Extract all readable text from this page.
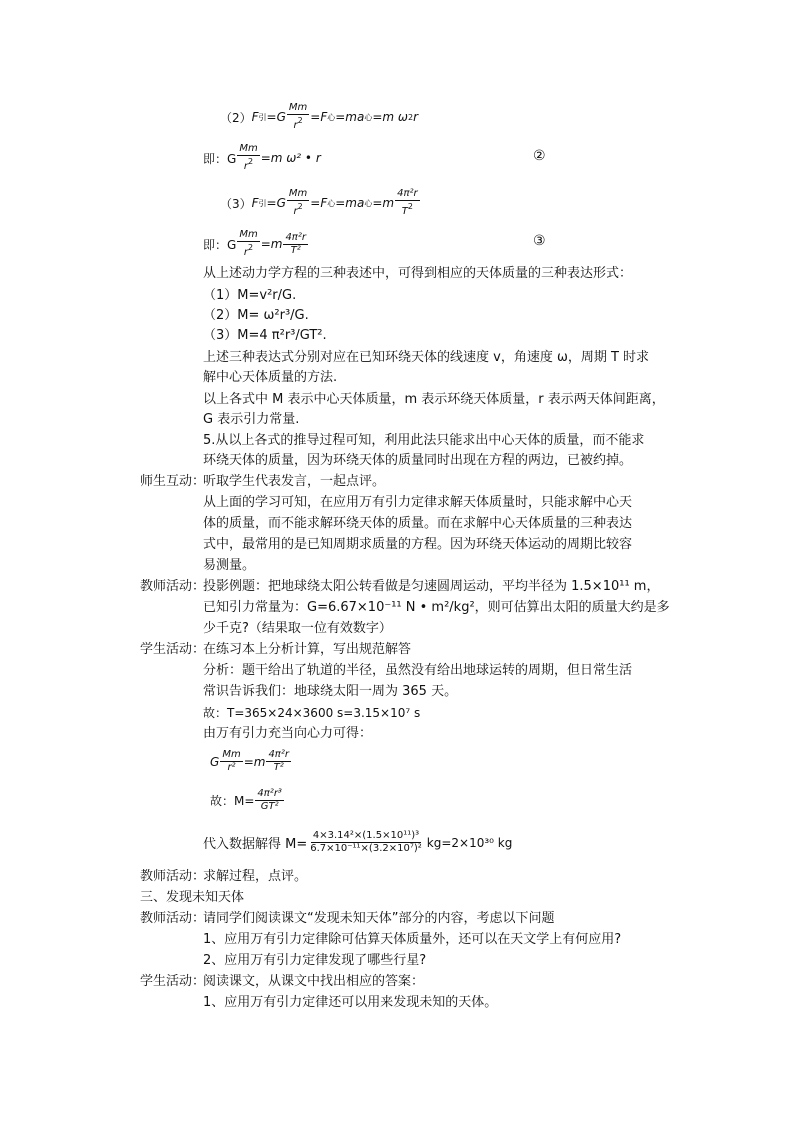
（2） F 引 $=G \frac{Mm}{r^2} =F$ 心 =ma 心 =m ω 2 r
即：G $\frac{Mm}{r^2} =m$ ω² • r	②
（3） F 引 $=G \frac{Mm}{r^2} =F$ 心 =ma 心 $=m \frac{\text{4π²r}}{T^2}$
即：G $\frac{Mm}{r^2} =m \frac{\text{4π²r}}{\text{T²}}$	③
从上述动力学方程的三种表述中，可得到相应的天体质量的三种表达形式：
（1）M=v²r/G.
（2）M= ω²r³/G.
（3）M=4 π²r³/GT².
上述三种表达式分别对应在已知环绕天体的线速度 v，角速度 ω，周期 T 时求
解中心天体质量的方法.
以上各式中 M 表示中心天体质量，m 表示环绕天体质量，r 表示两天体间距离，
G 表示引力常量.
5.从以上各式的推导过程可知，利用此法只能求出中心天体的质量，而不能求
环绕天体的质量，因为环绕天体的质量同时出现在方程的两边，已被约掉。
师生互动：
听取学生代表发言，一起点评。
从上面的学习可知，在应用万有引力定律求解天体质量时，只能求解中心天
体的质量，而不能求解环绕天体的质量。而在求解中心天体质量的三种表达
式中，最常用的是已知周期求质量的方程。因为环绕天体运动的周期比较容
易测量。
教师活动：
投影例题：把地球绕太阳公转看做是匀速圆周运动，平均半径为 1.5×10¹¹ m，
已知引力常量为：G=6.67×10⁻¹¹ N • m²/kg²，则可估算出太阳的质量大约是多
少千克?（结果取一位有效数字）
学生活动：
在练习本上分析计算，写出规范解答
分析：题干给出了轨道的半径，虽然没有给出地球运转的周期，但日常生活
常识告诉我们：地球绕太阳一周为 365 天。
故：T=365×24×3600 s=3.15×10⁷ s
由万有引力充当向心力可得：
G $\frac{Mm}{\text{r²}} =m \frac{\text{4π²r}}{\text{T²}}$
故：$M= \frac{\text{4π²r³}}{\text{GT²}}$
代入数据解得 $M= \frac{\text{4×3.14²×(1.5×10¹¹)³}}{\text{6.7×10⁻¹¹×(3.2×10⁷)²}} kg=2\times 10^{30}$ kg
教师活动：
求解过程，点评。
三、发现未知天体
教师活动：
请同学们阅读课文“发现未知天体”部分的内容，考虑以下问题
1、应用万有引力定律除可估算天体质量外，还可以在天文学上有何应用?
2、应用万有引力定律发现了哪些行星?
学生活动：
阅读课文，从课文中找出相应的答案：
1、应用万有引力定律还可以用来发现未知的天体。
